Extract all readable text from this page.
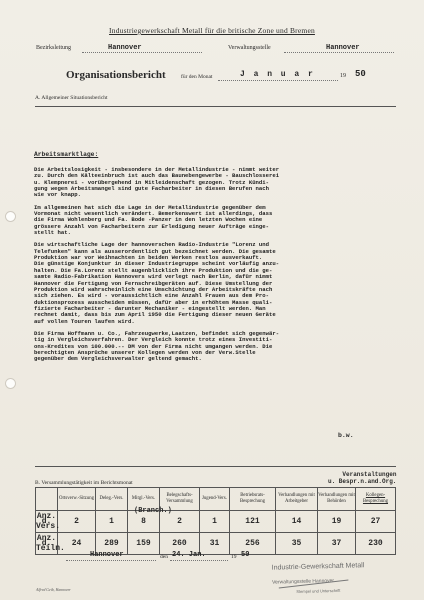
Industriegewerkschaft Metall für die britische Zone und Bremen
Bezirksleitung	Hannover	Verwaltungsstelle	Hannover
Organisationsbericht	für den Monat	J a n u a r	19 50
A. Allgemeiner Situationsbericht
Arbeitsmarktlage:

Die Arbeitslosigkeit - insbesondere in der Metallindustrie - nimmt weiter
zu. Durch den Kälteeinbruch ist auch das Baunebengewerbe - Bauschlosserei
u. Klempnerei - vorübergehend in Mitleidenschaft gezogen. Trotz Kündi-
gung wegen Arbeitsmangel sind gute Facharbeiter in diesen Berufen nach
wie vor knapp.

Im allgemeinen hat sich die Lage in der Metallindustrie gegenüber dem
Vormonat nicht wesentlich verändert. Bemerkenswert ist allerdings, dass
die Firma Wohlenberg und Fa. Bode -Panzer in den letzten Wochen eine
grössere Anzahl von Facharbeitern zur Erledigung neuer Aufträge einge-
stellt hat.

Die wirtschaftliche Lage der hannoverschen Radio-Industrie "Lorenz und
Telefunken" kann als ausserordentlich gut bezeichnet werden. Die gesamte
Produktion war vor Weihnachten in beiden Werken restlos ausverkauft.
Die günstige Konjunktur in dieser Industriegruppe scheint vorläufig anzu-
halten. Die Fa.Lorenz stellt augenblicklich ihre Produktion und die ge-
samte Radio-Fabrikation Hannovers wird verlegt nach Berlin, dafür nimmt
Hannover die Fertigung von Fernschreibgeräten auf. Diese Umstellung der
Produktion wird wahrscheinlich eine Umschichtung der Arbeitskräfte nach
sich ziehen. Es wird - voraussichtlich eine Anzahl Frauen aus dem Pro-
duktionsprozess ausscheiden müssen, dafür aber in erhöhtem Masse quali-
fizierte Facharbeiter - darunter Mechaniker - eingestellt werden. Man
rechnet damit, dass bis zum April 1950 die Fertigung dieser neuen Geräte
auf vollen Touren laufen wird.

Die Firma Hoffmann u. Co., Fahrzeugwerke,Laatzen, befindet sich gegenwär-
tig in Vergleichsverfahren. Der Vergleich konnte trotz eines Investiti-
ons-Kredites von 100.000.-- DM von der Firma nicht umgangen werden. Die
berechtigten Ansprüche unserer Kollegen werden von der Verw.Stelle
gegenüber dem Vergleichsverwalter geltend gemacht.

b.w.
B. Versammlungstätigkeit im Berichtsmonat
Veranstaltungen
u. Bespr.n.and.Org.
	Ortsverw.-Sitzung	Deleg.-Vers.	Mitgl.-Vers.	Belegschafts-Versammlung	Jugend-Vers.	Betriebsrats-Besprechung	Verhandlungen mit Arbeitgeber	Verhandlungen mit Behörden	Kollegen-Besprechung
Anz. d. Vers.	2	1	8	2	1	121	14	19	27
Anz. d. Teiln.	24	289	159	260	31	256	35	37	230
(Branch.)
Hannover	den 24. Jan.	19 50
Industrie-Gewerkschaft Metall
Verwaltungsstelle Hannover
Stempel und Unterschrift
Alfred Geib, Hannover
